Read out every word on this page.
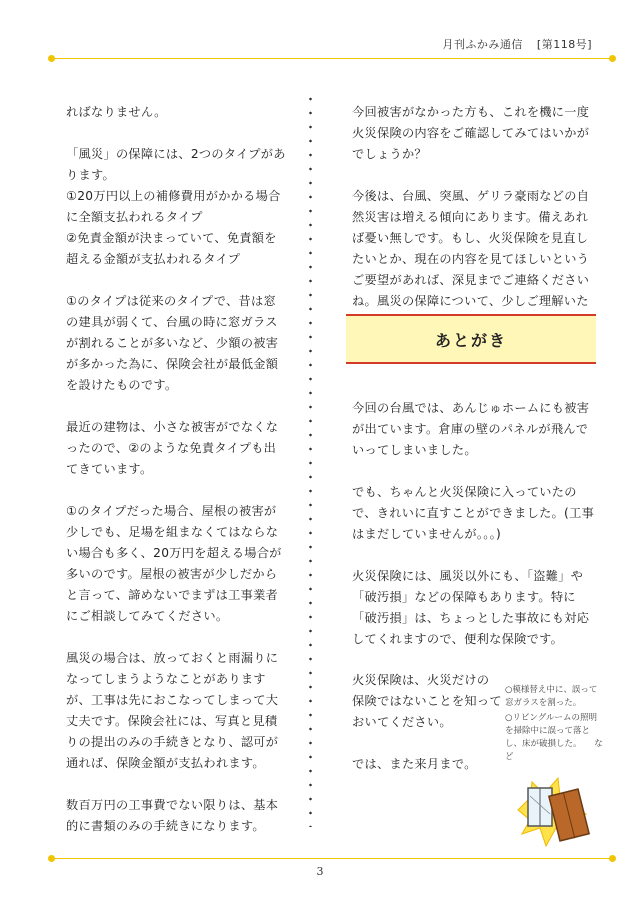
月刊ふかみ通信 [第118号]

ればなりません。

「風災」の保障には、2つのタイプがあります。
①20万円以上の補修費用がかかる場合に全額支払われるタイプ
②免責金額が決まっていて、免責額を超える金額が支払われるタイプ

①のタイプは従来のタイプで、昔は窓の建具が弱くて、台風の時に窓ガラスが割れることが多いなど、少額の被害が多かった為に、保険会社が最低金額を設けたものです。

最近の建物は、小さな被害がでなくなったので、②のような免責タイプも出てきています。

①のタイプだった場合、屋根の被害が少しでも、足場を組まなくてはならない場合も多く、20万円を超える場合が多いのです。屋根の被害が少しだからと言って、諦めないでまずは工事業者にご相談してみてください。

風災の場合は、放っておくと雨漏りになってしまうようなことがありますが、工事は先におこなってしまって大丈夫です。保険会社には、写真と見積りの提出のみの手続きとなり、認可が通れば、保険金額が支払われます。

数百万円の工事費でない限りは、基本的に書類のみの手続きになります。

今回被害がなかった方も、これを機に一度火災保険の内容をご確認してみてはいかがでしょうか？

今後は、台風、突風、ゲリラ豪雨などの自然災害は増える傾向にあります。備えあれば憂い無しです。もし、火災保険を見直したいとか、現在の内容を見てほしいというご要望があれば、深見までご連絡くださいね。風災の保障について、少しご理解いた

あとがき

今回の台風では、あんじゅホームにも被害が出ています。倉庫の壁のパネルが飛んでいってしまいました。

でも、ちゃんと火災保険に入っていたので、きれいに直すことができました。(工事はまだしていませんが。。。)

火災保険には、風災以外にも、「盗難」や「破汚損」などの保障もあります。特に「破汚損」は、ちょっとした事故にも対応してくれますので、便利な保険です。

火災保険は、火災だけの
保険ではないことを知って
おいてください。

では、また来月まで。

○模様替え中に、誤って窓ガラスを割った。

○リビングルームの照明を掃除中に誤って落とし、床が破損した。　　など

3
